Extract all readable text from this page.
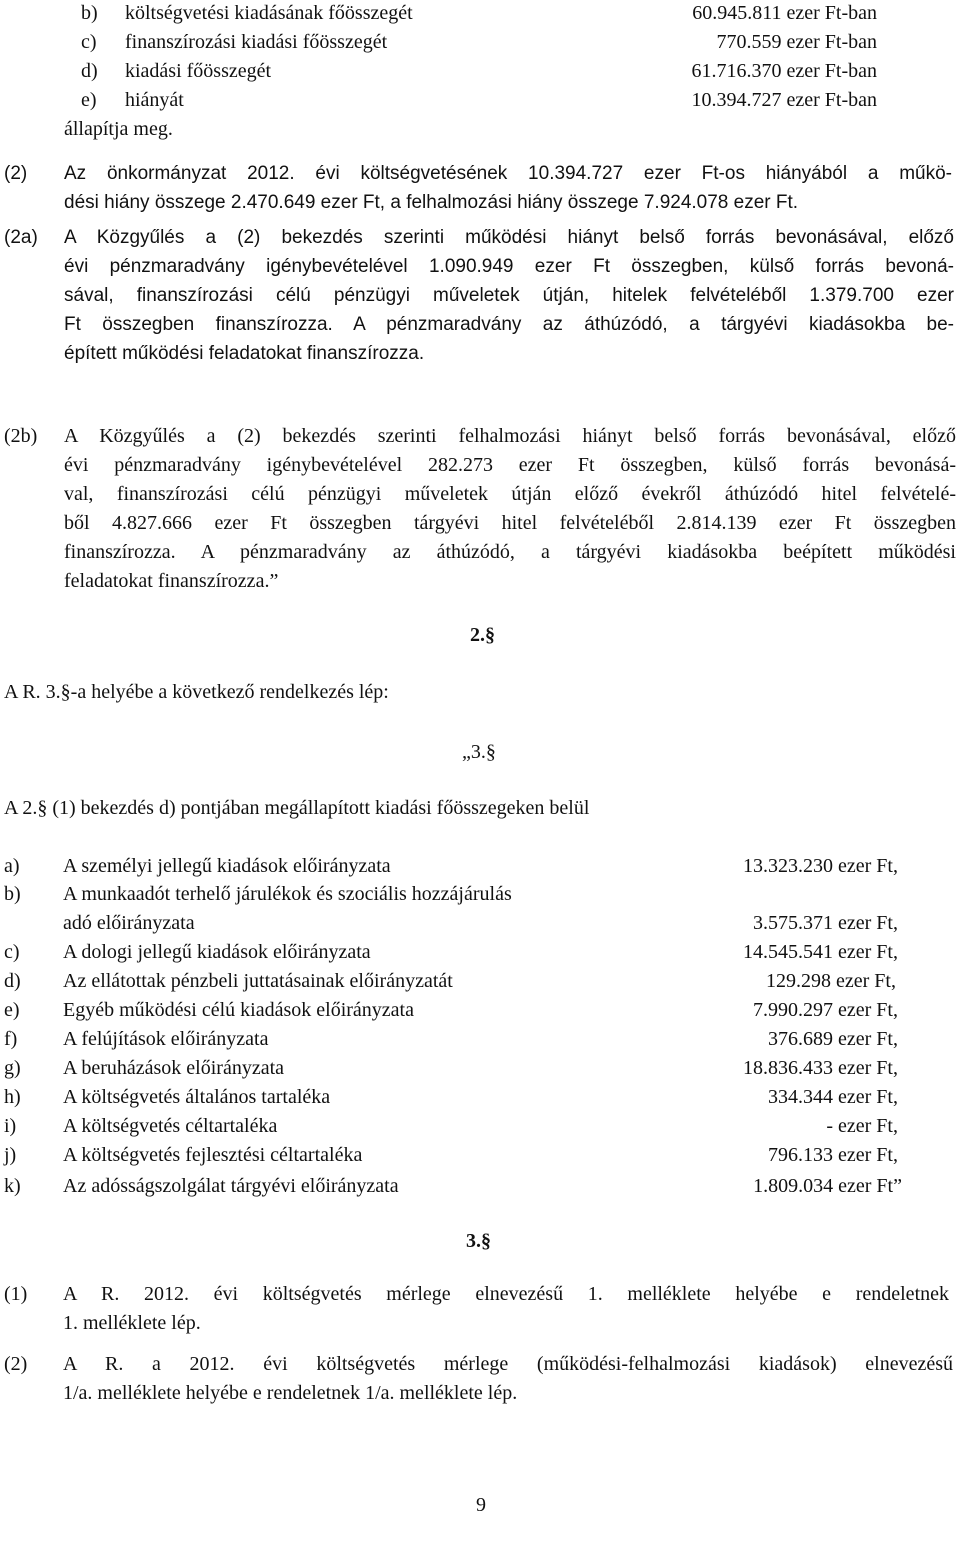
b) költségvetési kiadásának főösszegét	60.945.811 ezer Ft-ban
c) finanszírozási kiadási főösszegét	770.559 ezer Ft-ban
d) kiadási főösszegét	61.716.370 ezer Ft-ban
e) hiányát	10.394.727 ezer Ft-ban
állapítja meg.
(2) Az önkormányzat 2012. évi költségvetésének 10.394.727 ezer Ft-os hiányából a műkö-
dési hiány összege 2.470.649 ezer Ft, a felhalmozási hiány összege 7.924.078 ezer Ft.
(2a) A Közgyűlés a (2) bekezdés szerinti működési hiányt belső forrás bevonásával, előző
évi pénzmaradvány igénybevételével 1.090.949 ezer Ft összegben, külső forrás bevoná-
sával, finanszírozási célú pénzügyi műveletek útján, hitelek felvételéből 1.379.700 ezer
Ft összegben finanszírozza. A pénzmaradvány az áthúzódó, a tárgyévi kiadásokba be-
épített működési feladatokat finanszírozza.
(2b) A Közgyűlés a (2) bekezdés szerinti felhalmozási hiányt belső forrás bevonásával, előző
évi pénzmaradvány igénybevételével 282.273 ezer Ft összegben, külső forrás bevonásá-
val, finanszírozási célú pénzügyi műveletek útján előző évekről áthúzódó hitel felvételé-
ből 4.827.666 ezer Ft összegben tárgyévi hitel felvételéből 2.814.139 ezer Ft összegben
finanszírozza. A pénzmaradvány az áthúzódó, a tárgyévi kiadásokba beépített működési
feladatokat finanszírozza.”
2.§
A R. 3.§-a helyébe a következő rendelkezés lép:
„3.§
A 2.§ (1) bekezdés d) pontjában megállapított kiadási főösszegeken belül
a) A személyi jellegű kiadások előirányzata	13.323.230 ezer Ft,
b) A munkaadót terhelő járulékok és szociális hozzájárulás
adó előirányzata	3.575.371 ezer Ft,
c) A dologi jellegű kiadások előirányzata	14.545.541 ezer Ft,
d) Az ellátottak pénzbeli juttatásainak előirányzatát	129.298 ezer Ft,
e) Egyéb működési célú kiadások előirányzata	7.990.297 ezer Ft,
f) A felújítások előirányzata	376.689 ezer Ft,
g) A beruházások előirányzata	18.836.433 ezer Ft,
h) A költségvetés általános tartaléka	334.344 ezer Ft,
i) A költségvetés céltartaléka	- ezer Ft,
j) A költségvetés fejlesztési céltartaléka	796.133 ezer Ft,
k) Az adósságszolgálat tárgyévi előirányzata	1.809.034 ezer Ft”
3.§
(1) A R. 2012. évi költségvetés mérlege elnevezésű 1. melléklete helyébe e rendeletnek
1. melléklete lép.
(2) A R. a 2012. évi költségvetés mérlege (működési-felhalmozási kiadások) elnevezésű
1/a. melléklete helyébe e rendeletnek 1/a. melléklete lép.
9
